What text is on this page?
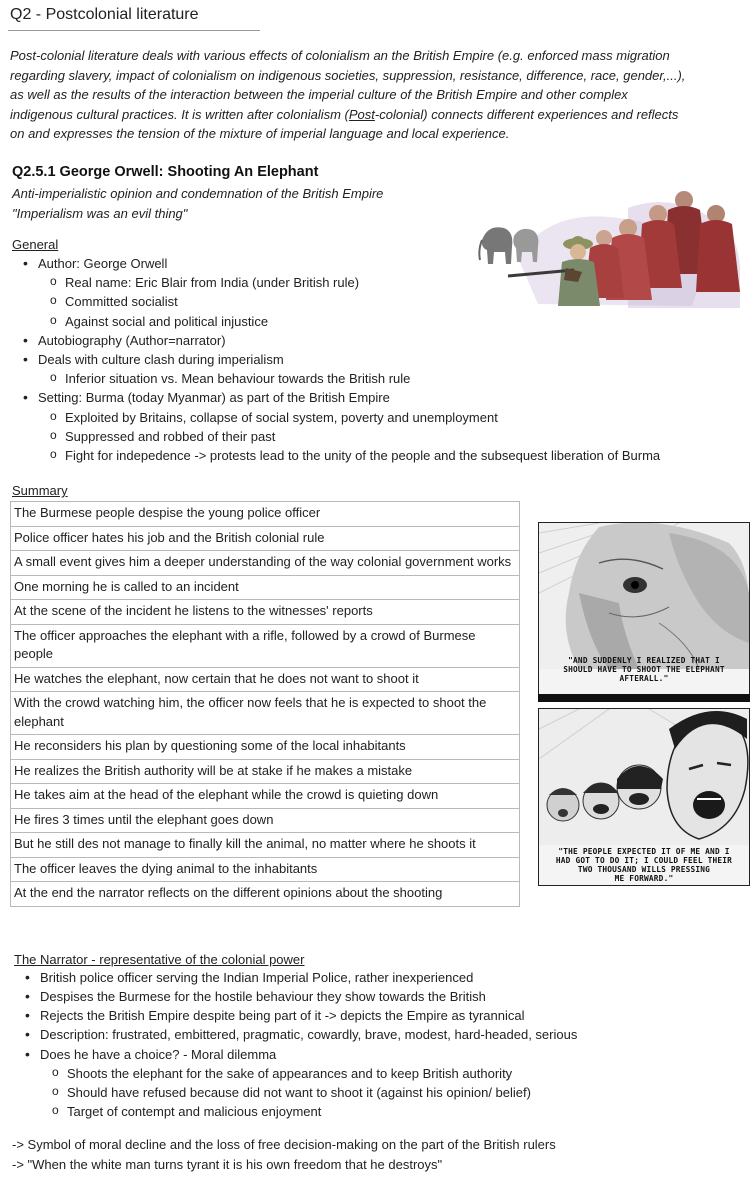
Q2 - Postcolonial literature
Post-colonial literature deals with various effects of colonialism an the British Empire (e.g. enforced mass migration
regarding slavery, impact of colonialism on indigenous societies, suppression, resistance, difference, race, gender,...),
as well as the results of the interaction between the imperial culture of the British Empire and other complex
indigenous cultural practices. It is written after colonialism (Post-colonial) connects different experiences and reflects
on and expresses the tension of the mixture of imperial language and local experience.
Q2.5.1 George Orwell: Shooting An Elephant
Anti-imperialistic opinion and condemnation of the British Empire
"Imperialism was an evil thing"
General
• Author: George Orwell
o Real name: Eric Blair from India (under British rule)
o Committed socialist
o Against social and political injustice
• Autobiography (Author=narrator)
• Deals with culture clash during imperialism
o Inferior situation vs. Mean behaviour towards the British rule
• Setting: Burma (today Myanmar) as part of the British Empire
o Exploited by Britains, collapse of social system, poverty and unemployment
o Suppressed and robbed of their past
o Fight for indepedence -> protests lead to the unity of the people and the subsequest liberation of Burma
Summary
The Burmese people despise the young police officer
Police officer hates his job and the British colonial rule
A small event gives him a deeper understanding of the way colonial government works
One morning he is called to an incident
At the scene of the incident he listens to the witnesses' reports
The officer approaches the elephant with a rifle, followed by a crowd of Burmese people
He watches the elephant, now certain that he does not want to shoot it
With the crowd watching him, the officer now feels that he is expected to shoot the elephant
He reconsiders his plan by questioning some of the local inhabitants
He realizes the British authority will be at stake if he makes a mistake
He takes aim at the head of the elephant while the crowd is quieting down
He fires 3 times until the elephant goes down
But he still des not manage to finally kill the animal, no matter where he shoots it
The officer leaves the dying animal to the inhabitants
At the end the narrator reflects on the different opinions about the shooting
"AND SUDDENLY I REALIZED THAT I
SHOULD HAVE TO SHOOT THE ELEPHANT
AFTERALL."
"THE PEOPLE EXPECTED IT OF ME AND I
HAD GOT TO DO IT; I COULD FEEL THEIR
TWO THOUSAND WILLS PRESSING
ME FORWARD."
The Narrator - representative of the colonial power
• British police officer serving the Indian Imperial Police, rather inexperienced
• Despises the Burmese for the hostile behaviour they show towards the British
• Rejects the British Empire despite being part of it -> depicts the Empire as tyrannical
• Description: frustrated, embittered, pragmatic, cowardly, brave, modest, hard-headed, serious
• Does he have a choice? - Moral dilemma
o Shoots the elephant for the sake of appearances and to keep British authority
o Should have refused because did not want to shoot it (against his opinion/ belief)
o Target of contempt and malicious enjoyment
-> Symbol of moral decline and the loss of free decision-making on the part of the British rulers
-> "When the white man turns tyrant it is his own freedom that he destroys"
